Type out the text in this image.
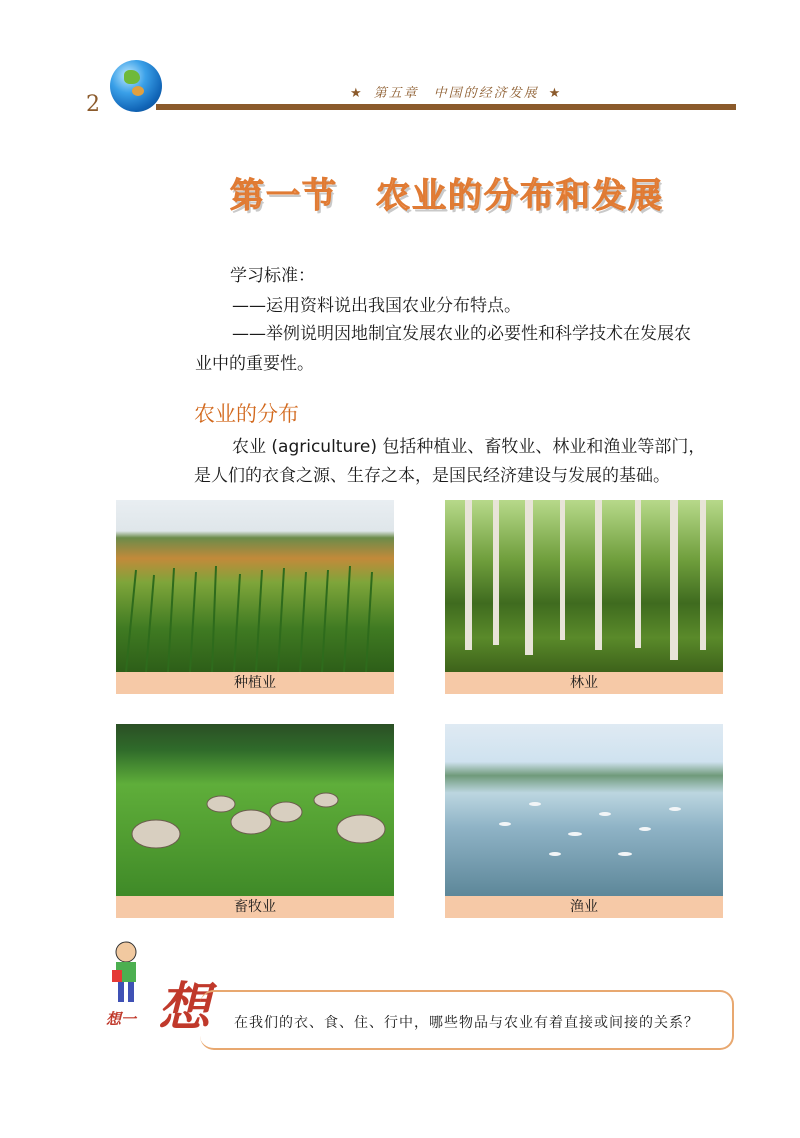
2	★ 第五章　中国的经济发展 ★
第一节 农业的分布和发展
学习标准：
——运用资料说出我国农业分布特点。
——举例说明因地制宜发展农业的必要性和科学技术在发展农
业中的重要性。
农业的分布
农业 (agriculture) 包括种植业、畜牧业、林业和渔业等部门，
是人们的衣食之源、生存之本，是国民经济建设与发展的基础。
种植业	林业
畜牧业	渔业
想一 想 在我们的衣、食、住、行中，哪些物品与农业有着直接或间接的关系？
